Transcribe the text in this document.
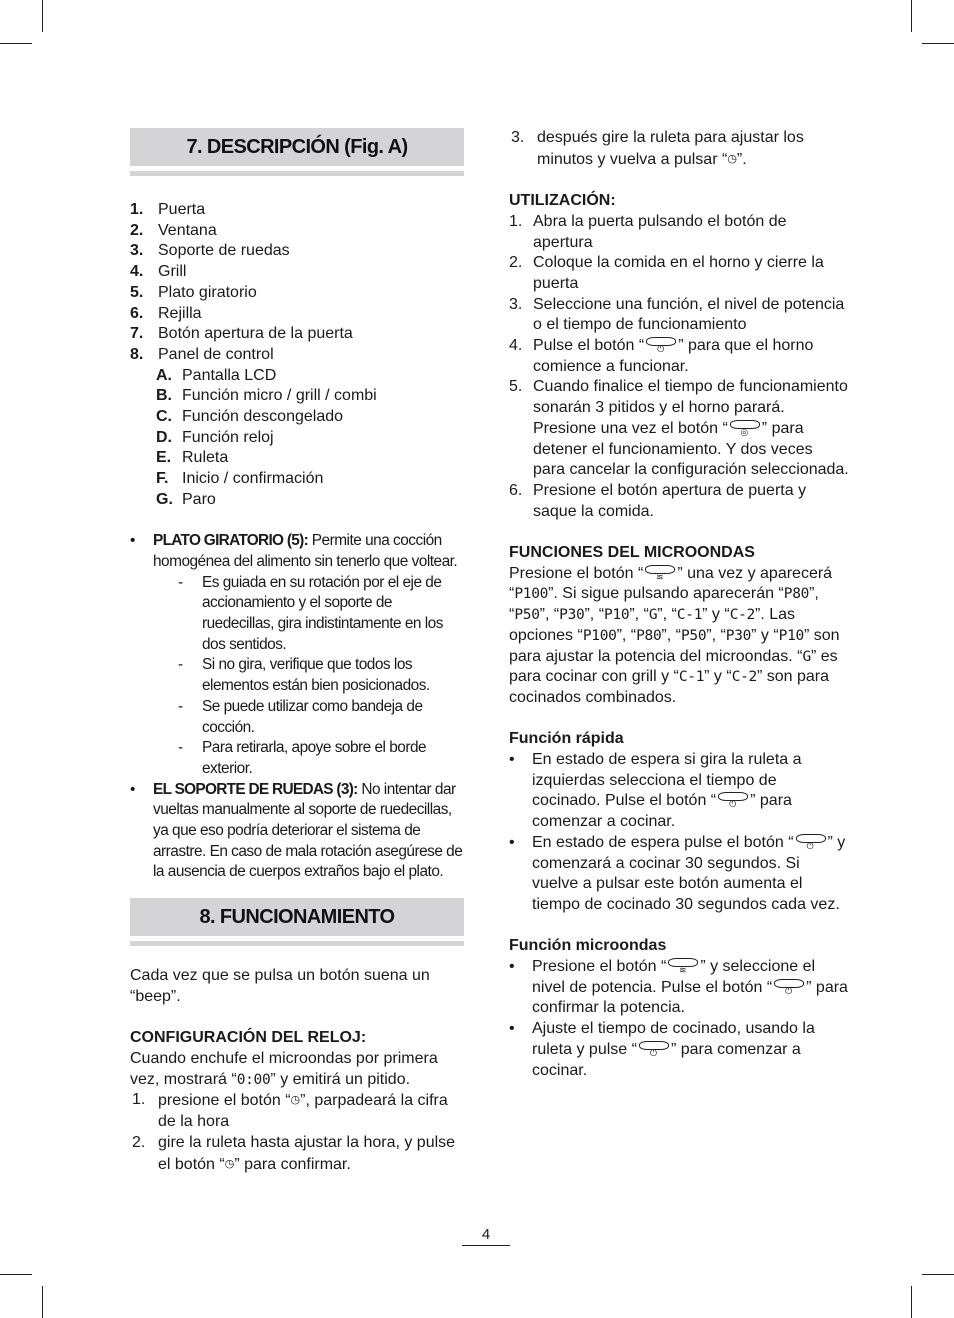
7. DESCRIPCIÓN (Fig. A)
1. Puerta
2. Ventana
3. Soporte de ruedas
4. Grill
5. Plato giratorio
6. Rejilla
7. Botón apertura de la puerta
8. Panel de control
A. Pantalla LCD
B. Función micro / grill / combi
C. Función descongelado
D. Función reloj
E. Ruleta
F. Inicio / confirmación
G. Paro
•	PLATO GIRATORIO (5): Permite una cocción homogénea del alimento sin tenerlo que voltear.
-	Es guiada en su rotación por el eje de accionamiento y el soporte de ruedecillas, gira indistintamente en los dos sentidos.
-	Si no gira, verifique que todos los elementos están bien posicionados.
-	Se puede utilizar como bandeja de cocción.
-	Para retirarla, apoye sobre el borde exterior.
•	EL SOPORTE DE RUEDAS (3): No intentar dar vueltas manualmente al soporte de ruedecillas, ya que eso podría deteriorar el sistema de arrastre. En caso de mala rotación asegúrese de la ausencia de cuerpos extraños bajo el plato.
8. FUNCIONAMIENTO
Cada vez que se pulsa un botón suena un “beep”.
CONFIGURACIÓN DEL RELOJ:
Cuando enchufe el microondas por primera vez, mostrará “0:00” y emitirá un pitido.
1. presione el botón “◷”, parpadeará la cifra de la hora
2. gire la ruleta hasta ajustar la hora, y pulse el botón “◷” para confirmar.
3. después gire la ruleta para ajustar los minutos y vuelva a pulsar “◷”.
UTILIZACIÓN:
1. Abra la puerta pulsando el botón de apertura
2. Coloque la comida en el horno y cierre la puerta
3. Seleccione una función, el nivel de potencia o el tiempo de funcionamiento
4. Pulse el botón “ ⏻ ” para que el horno comience a funcionar.
5. Cuando finalice el tiempo de funcionamiento sonarán 3 pitidos y el horno parará. Presione una vez el botón “ ◎ ” para detener el funcionamiento. Y dos veces para cancelar la configuración seleccionada.
6. Presione el botón apertura de puerta y saque la comida.
FUNCIONES DEL MICROONDAS
Presione el botón “ ≋ ” una vez y aparecerá “P100”. Si sigue pulsando aparecerán “P80”, “P50”, “P30”, “P10”, “G”, “C-1” y “C-2”. Las opciones “P100”, “P80”, “P50”, “P30” y “P10” son para ajustar la potencia del microondas. “G” es para cocinar con grill y “C-1” y “C-2” son para cocinados combinados.
Función rápida
•	En estado de espera si gira la ruleta a izquierdas selecciona el tiempo de cocinado. Pulse el botón “ ⏻ ” para comenzar a cocinar.
•	En estado de espera pulse el botón “ ⏻ ” y comenzará a cocinar 30 segundos. Si vuelve a pulsar este botón aumenta el tiempo de cocinado 30 segundos cada vez.
Función microondas
•	Presione el botón “ ≋ ” y seleccione el nivel de potencia. Pulse el botón “ ⏻ ” para confirmar la potencia.
•	Ajuste el tiempo de cocinado, usando la ruleta y pulse “ ⏻ ” para comenzar a cocinar.
4
